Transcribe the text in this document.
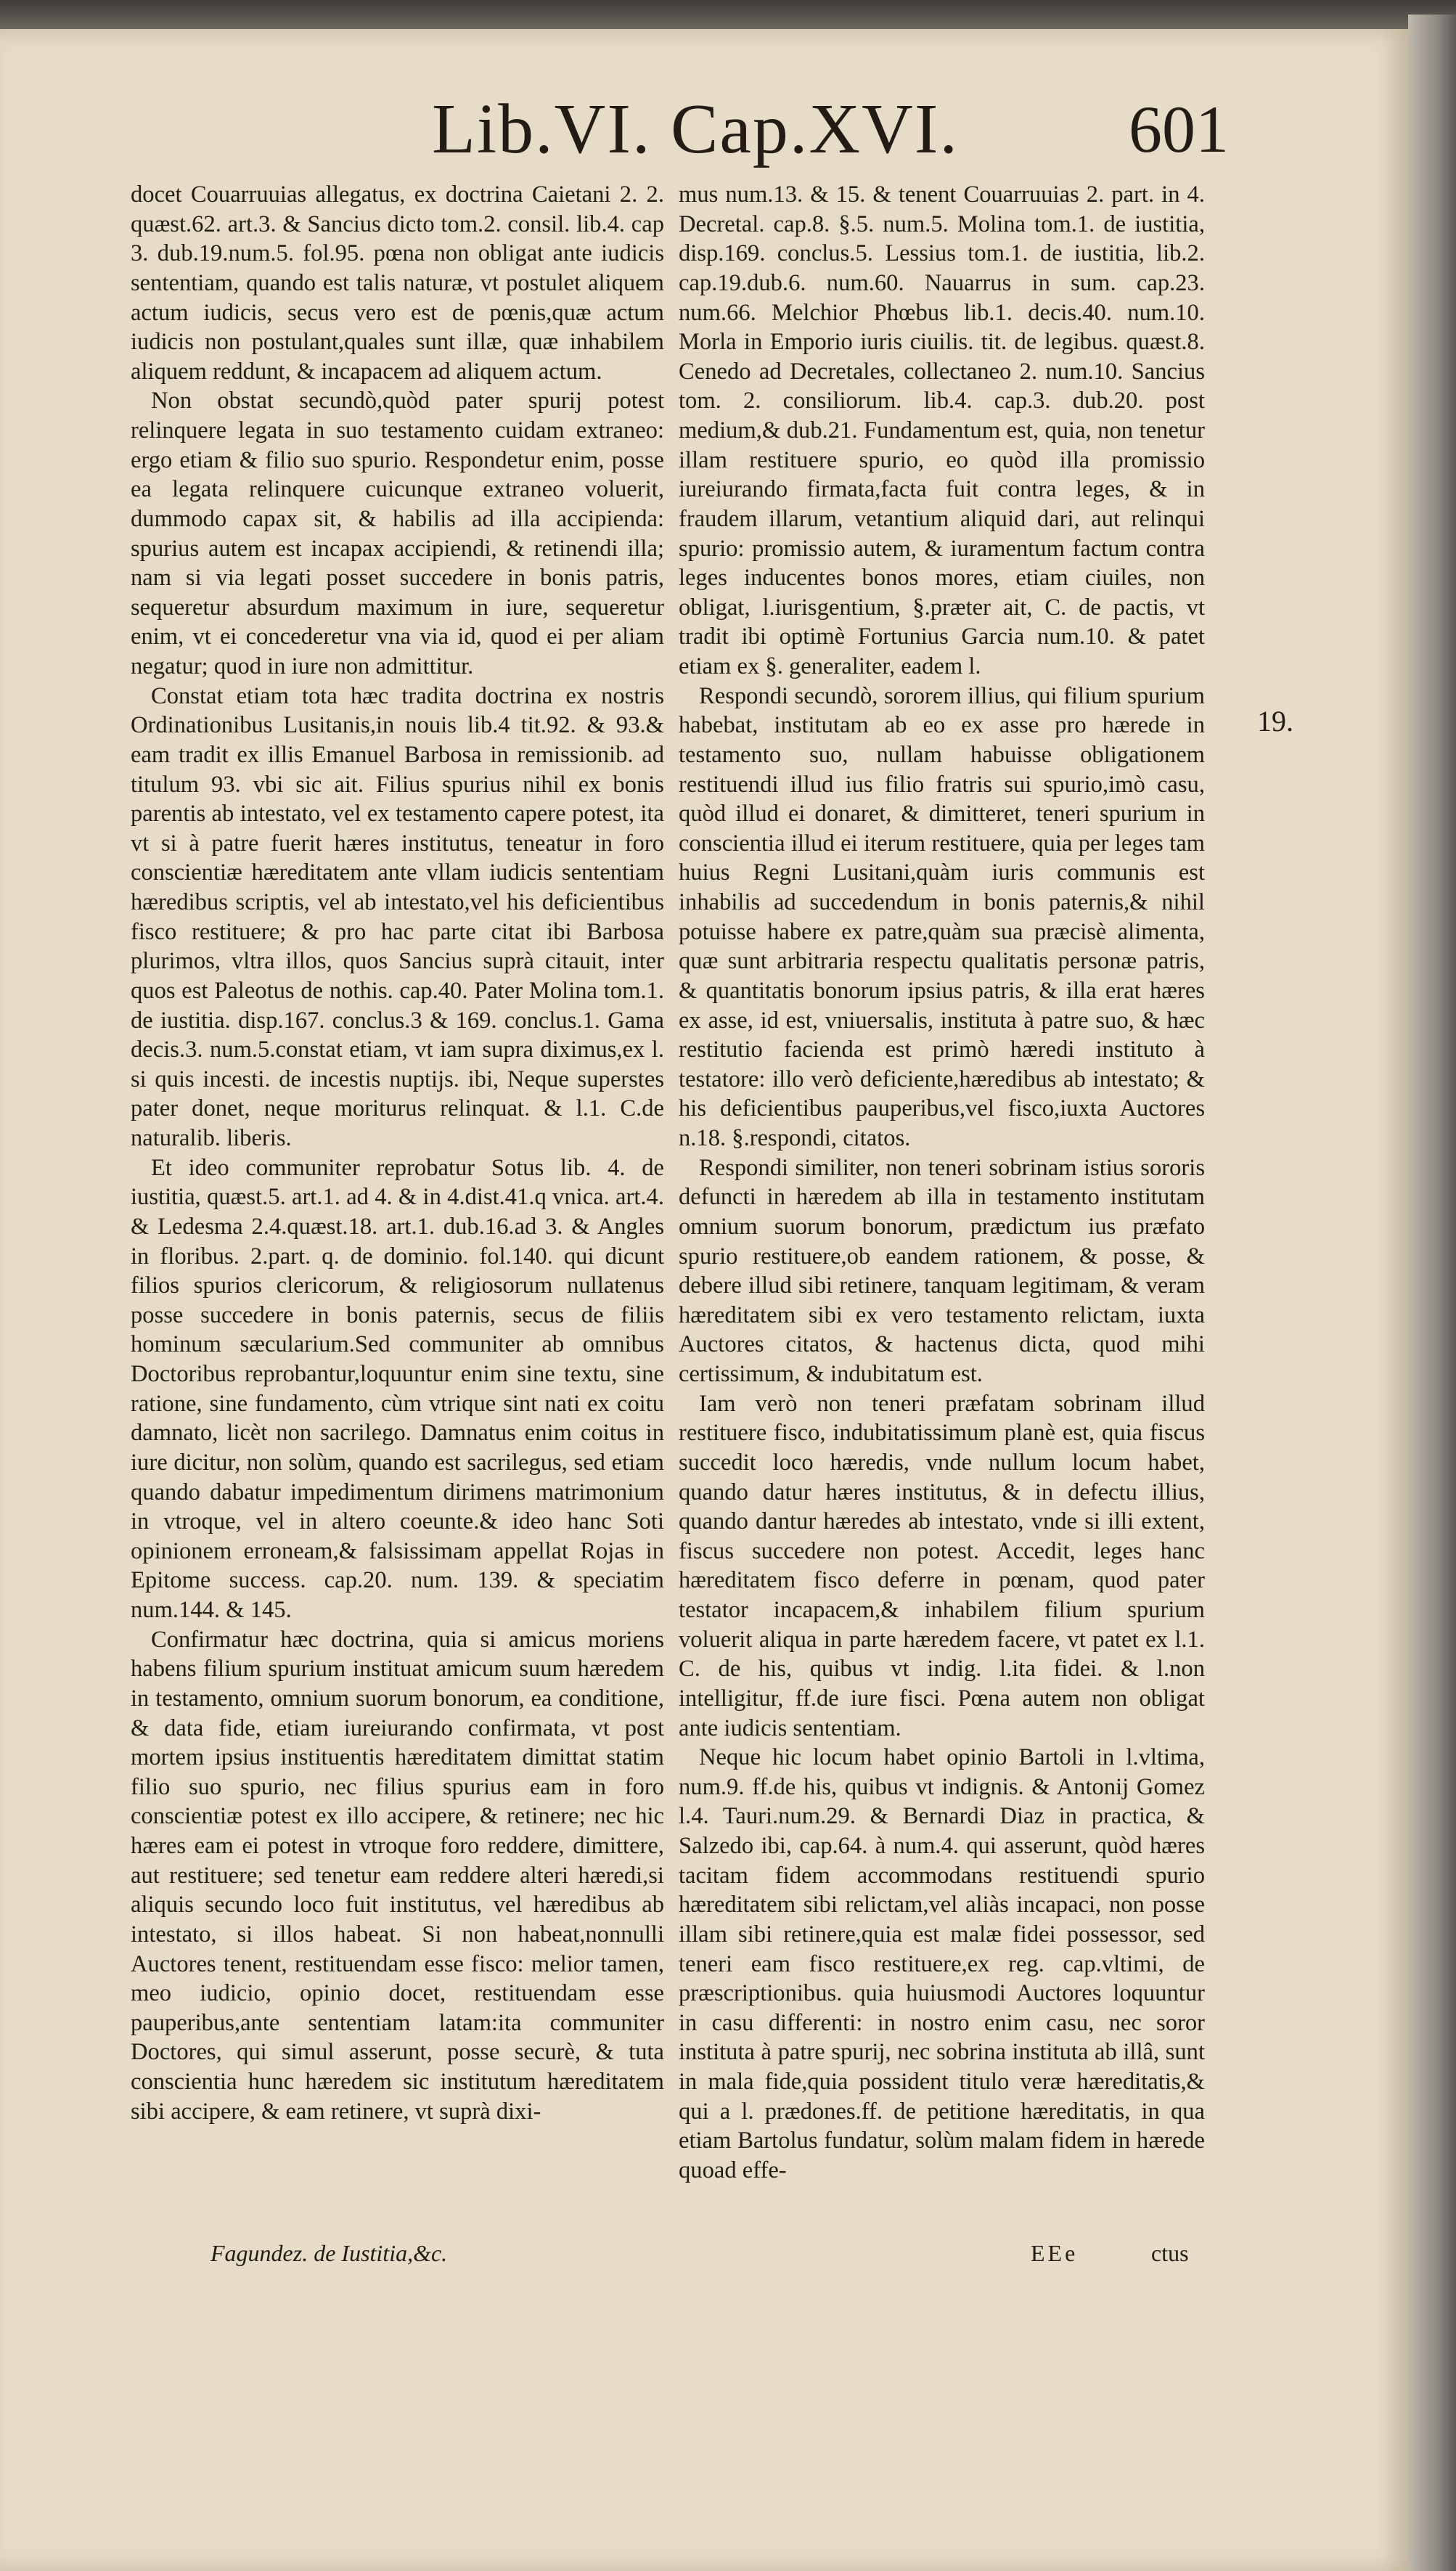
Lib.VI. Cap.XVI.	601

docet Couarruuias allegatus, ex doctrina Caietani 2. 2. quæst.62. art.3. & Sancius dicto tom.2. consil. lib.4. cap 3. dub.19.num.5. fol.95. pœna non obligat ante iudicis sententiam, quando est talis naturæ, vt postulet aliquem actum iudicis, secus vero est de pœnis,quæ actum iudicis non postulant,quales sunt illæ, quæ inhabilem aliquem reddunt, & incapacem ad aliquem actum.

Non obstat secundò,quòd pater spurij potest relinquere legata in suo testamento cuidam extraneo: ergo etiam & filio suo spurio. Respondetur enim, posse ea legata relinquere cuicunque extraneo voluerit, dummodo capax sit, & habilis ad illa accipienda: spurius autem est incapax accipiendi, & retinendi illa; nam si via legati posset succedere in bonis patris, sequeretur absurdum maximum in iure, sequeretur enim, vt ei concederetur vna via id, quod ei per aliam negatur; quod in iure non admittitur.

Constat etiam tota hæc tradita doctrina ex nostris Ordinationibus Lusitanis,in nouis lib.4 tit.92. & 93.& eam tradit ex illis Emanuel Barbosa in remissionib. ad titulum 93. vbi sic ait. Filius spurius nihil ex bonis parentis ab intestato, vel ex testamento capere potest, ita vt si à patre fuerit hæres institutus, teneatur in foro conscientiæ hæreditatem ante vllam iudicis sententiam hæredibus scriptis, vel ab intestato,vel his deficientibus fisco restituere; & pro hac parte citat ibi Barbosa plurimos, vltra illos, quos Sancius suprà citauit, inter quos est Paleotus de nothis. cap.40. Pater Molina tom.1. de iustitia. disp.167. conclus.3 & 169. conclus.1. Gama decis.3. num.5.constat etiam, vt iam supra diximus,ex l. si quis incesti. de incestis nuptijs. ibi, Neque superstes pater donet, neque moriturus relinquat. & l.1. C.de naturalib. liberis.

Et ideo communiter reprobatur Sotus lib. 4. de iustitia, quæst.5. art.1. ad 4. & in 4.dist.41.q vnica. art.4. & Ledesma 2.4.quæst.18. art.1. dub.16.ad 3. & Angles in floribus. 2.part. q. de dominio. fol.140. qui dicunt filios spurios clericorum, & religiosorum nullatenus posse succedere in bonis paternis, secus de filiis hominum sæcularium.Sed communiter ab omnibus Doctoribus reprobantur,loquuntur enim sine textu, sine ratione, sine fundamento, cùm vtrique sint nati ex coitu damnato, licèt non sacrilego. Damnatus enim coitus in iure dicitur, non solùm, quando est sacrilegus, sed etiam quando dabatur impedimentum dirimens matrimonium in vtroque, vel in altero coeunte.& ideo hanc Soti opinionem erroneam,& falsissimam appellat Rojas in Epitome success. cap.20. num. 139. & speciatim num.144. & 145.

Confirmatur hæc doctrina, quia si amicus moriens habens filium spurium instituat amicum suum hæredem in testamento, omnium suorum bonorum, ea conditione, & data fide, etiam iureiurando confirmata, vt post mortem ipsius instituentis hæreditatem dimittat statim filio suo spurio, nec filius spurius eam in foro conscientiæ potest ex illo accipere, & retinere; nec hic hæres eam ei potest in vtroque foro reddere, dimittere, aut restituere; sed tenetur eam reddere alteri hæredi,si aliquis secundo loco fuit institutus, vel hæredibus ab intestato, si illos habeat. Si non habeat,nonnulli Auctores tenent, restituendam esse fisco: melior tamen, meo iudicio, opinio docet, restituendam esse pauperibus,ante sententiam latam:ita communiter Doctores, qui simul asserunt, posse securè, & tuta conscientia hunc hæredem sic institutum hæreditatem sibi accipere, & eam retinere, vt suprà dixi-

mus num.13. & 15. & tenent Couarruuias 2. part. in 4. Decretal. cap.8. §.5. num.5. Molina tom.1. de iustitia, disp.169. conclus.5. Lessius tom.1. de iustitia, lib.2. cap.19.dub.6. num.60. Nauarrus in sum. cap.23. num.66. Melchior Phœbus lib.1. decis.40. num.10. Morla in Emporio iuris ciuilis. tit. de legibus. quæst.8. Cenedo ad Decretales, collectaneo 2. num.10. Sancius tom. 2. consiliorum. lib.4. cap.3. dub.20. post medium,& dub.21. Fundamentum est, quia, non tenetur illam restituere spurio, eo quòd illa promissio iureiurando firmata,facta fuit contra leges, & in fraudem illarum, vetantium aliquid dari, aut relinqui spurio: promissio autem, & iuramentum factum contra leges inducentes bonos mores, etiam ciuiles, non obligat, l.iurisgentium, §.præter ait, C. de pactis, vt tradit ibi optimè Fortunius Garcia num.10. & patet etiam ex §. generaliter, eadem l.

Respondi secundò, sororem illius, qui filium spurium habebat, institutam ab eo ex asse pro hærede in testamento suo, nullam habuisse obligationem restituendi illud ius filio fratris sui spurio,imò casu, quòd illud ei donaret, & dimitteret, teneri spurium in conscientia illud ei iterum restituere, quia per leges tam huius Regni Lusitani,quàm iuris communis est inhabilis ad succedendum in bonis paternis,& nihil potuisse habere ex patre,quàm sua præcisè alimenta, quæ sunt arbitraria respectu qualitatis personæ patris, & quantitatis bonorum ipsius patris, & illa erat hæres ex asse, id est, vniuersalis, instituta à patre suo, & hæc restitutio facienda est primò hæredi instituto à testatore: illo verò deficiente,hæredibus ab intestato; & his deficientibus pauperibus,vel fisco,iuxta Auctores n.18. §.respondi, citatos.

Respondi similiter, non teneri sobrinam istius sororis defuncti in hæredem ab illa in testamento institutam omnium suorum bonorum, prædictum ius præfato spurio restituere,ob eandem rationem, & posse, & debere illud sibi retinere, tanquam legitimam, & veram hæreditatem sibi ex vero testamento relictam, iuxta Auctores citatos, & hactenus dicta, quod mihi certissimum, & indubitatum est.

Iam verò non teneri præfatam sobrinam illud restituere fisco, indubitatissimum planè est, quia fiscus succedit loco hæredis, vnde nullum locum habet, quando datur hæres institutus, & in defectu illius, quando dantur hæredes ab intestato, vnde si illi extent, fiscus succedere non potest. Accedit, leges hanc hæreditatem fisco deferre in pœnam, quod pater testator incapacem,& inhabilem filium spurium voluerit aliqua in parte hæredem facere, vt patet ex l.1. C. de his, quibus vt indig. l.ita fidei. & l.non intelligitur, ff.de iure fisci. Pœna autem non obligat ante iudicis sententiam.

Neque hic locum habet opinio Bartoli in l.vltima, num.9. ff.de his, quibus vt indignis. & Antonij Gomez l.4. Tauri.num.29. & Bernardi Diaz in practica, & Salzedo ibi, cap.64. à num.4. qui asserunt, quòd hæres tacitam fidem accommodans restituendi spurio hæreditatem sibi relictam,vel aliàs incapaci, non posse illam sibi retinere,quia est malæ fidei possessor, sed teneri eam fisco restituere,ex reg. cap.vltimi, de præscriptionibus. quia huiusmodi Auctores loquuntur in casu differenti: in nostro enim casu, nec soror instituta à patre spurij, nec sobrina instituta ab illâ, sunt in mala fide,quia possident titulo veræ hæreditatis,& qui a l. prædones.ff. de petitione hæreditatis, in qua etiam Bartolus fundatur, solùm malam fidem in hærede quoad effe-

19.
Fagundez. de Iustitia,&c.	EEe	ctus
